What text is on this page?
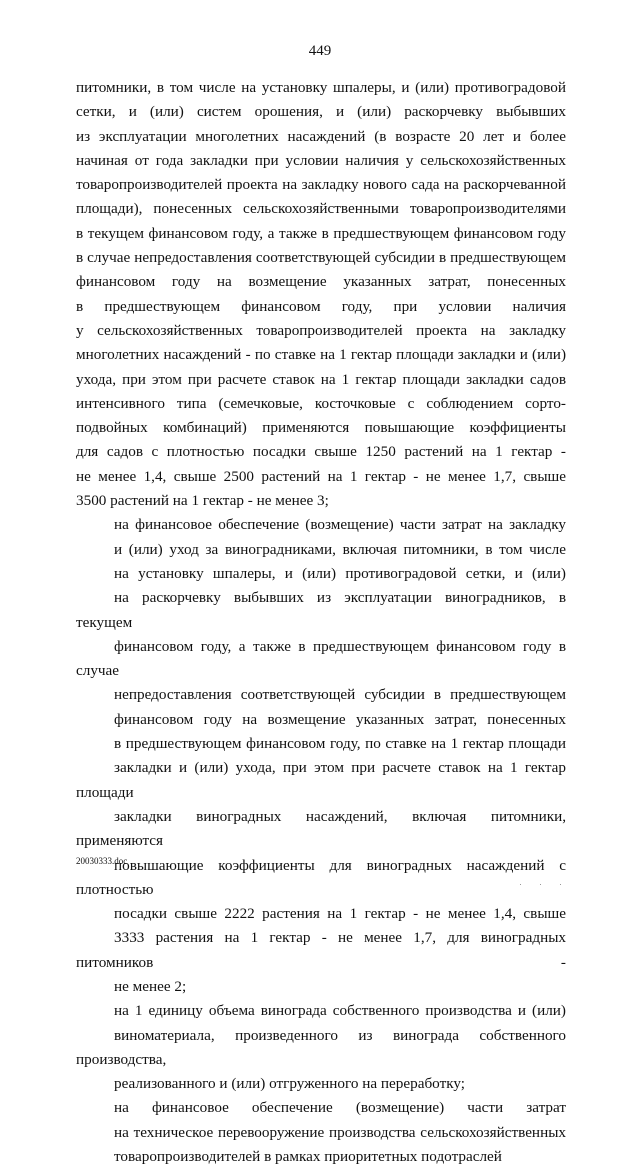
449
питомники, в том числе на установку шпалеры, и (или) противоградовой
сетки, и (или) систем орошения, и (или) раскорчевку выбывших
из эксплуатации многолетних насаждений (в возрасте 20 лет и более
начиная от года закладки при условии наличия у сельскохозяйственных
товаропроизводителей проекта на закладку нового сада на раскорчеванной
площади), понесенных сельскохозяйственными товаропроизводителями
в текущем финансовом году, а также в предшествующем финансовом году
в случае непредоставления соответствующей субсидии в предшествующем
финансовом году на возмещение указанных затрат, понесенных
в предшествующем финансовом году, при условии наличия
у сельскохозяйственных товаропроизводителей проекта на закладку
многолетних насаждений - по ставке на 1 гектар площади закладки и (или)
ухода, при этом при расчете ставок на 1 гектар площади закладки садов
интенсивного типа (семечковые, косточковые с соблюдением сорто-
подвойных комбинаций) применяются повышающие коэффициенты
для садов с плотностью посадки свыше 1250 растений на 1 гектар -
не менее 1,4, свыше 2500 растений на 1 гектар - не менее 1,7, свыше
3500 растений на 1 гектар - не менее 3;
на финансовое обеспечение (возмещение) части затрат на закладку
и (или) уход за виноградниками, включая питомники, в том числе
на установку шпалеры, и (или) противоградовой сетки, и (или)
на раскорчевку выбывших из эксплуатации виноградников, в текущем
финансовом году, а также в предшествующем финансовом году в случае
непредоставления соответствующей субсидии в предшествующем
финансовом году на возмещение указанных затрат, понесенных
в предшествующем финансовом году, по ставке на 1 гектар площади
закладки и (или) ухода, при этом при расчете ставок на 1 гектар площади
закладки виноградных насаждений, включая питомники, применяются
повышающие коэффициенты для виноградных насаждений с плотностью
посадки свыше 2222 растения на 1 гектар - не менее 1,4, свыше
3333 растения на 1 гектар - не менее 1,7, для виноградных питомников -
не менее 2;
на 1 единицу объема винограда собственного производства и (или)
виноматериала, произведенного из винограда собственного производства,
реализованного и (или) отгруженного на переработку;
на финансовое обеспечение (возмещение) части затрат
на техническое перевооружение производства сельскохозяйственных
товаропроизводителей в рамках приоритетных подотраслей
20030333.doc
